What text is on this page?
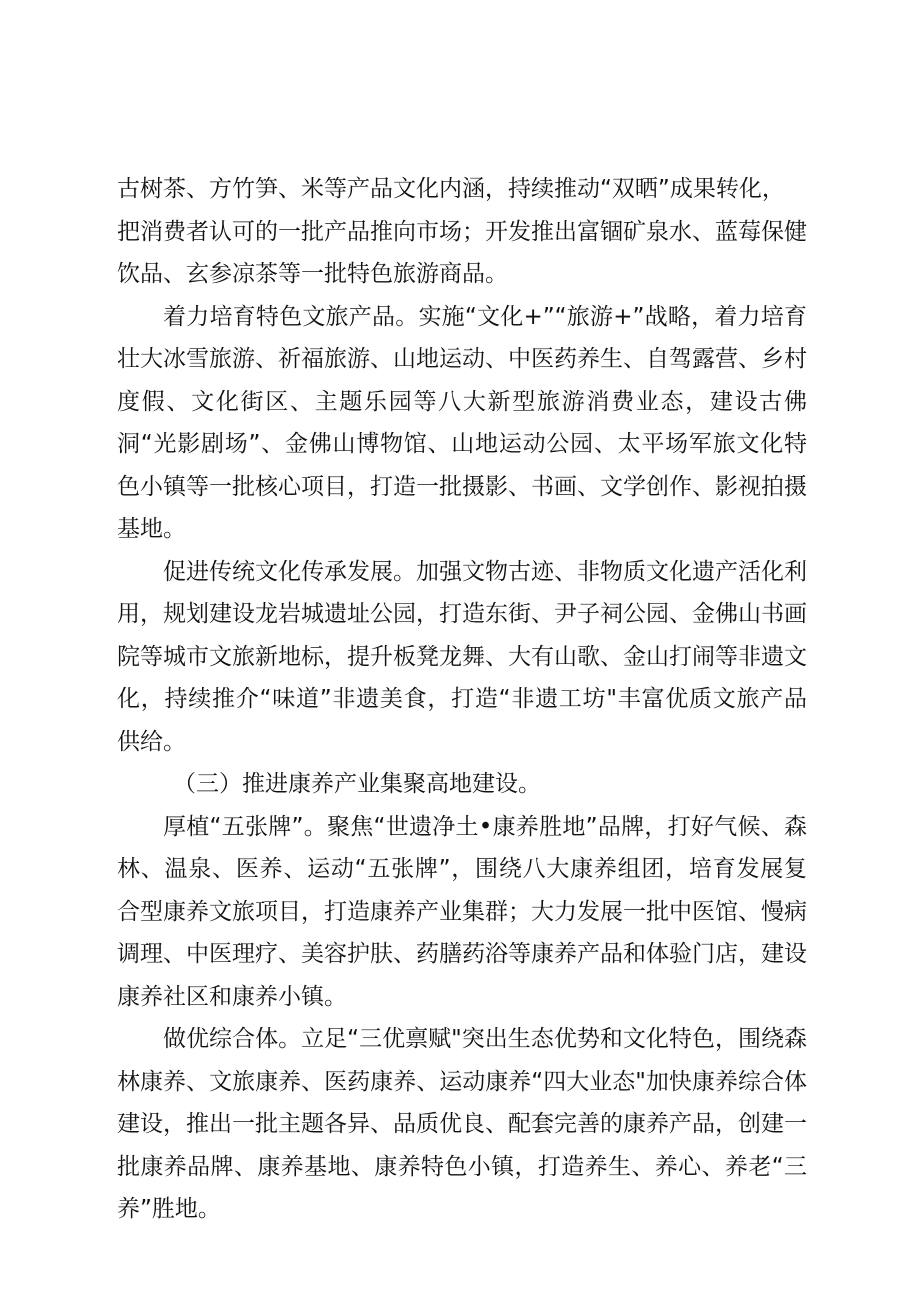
古树茶、方竹笋、米等产品文化内涵，持续推动“双晒”成果转化，把消费者认可的一批产品推向市场；开发推出富锢矿泉水、蓝莓保健饮品、玄参凉茶等一批特色旅游商品。

着力培育特色文旅产品。实施“文化+”“旅游+”战略，着力培育壮大冰雪旅游、祈福旅游、山地运动、中医药养生、自驾露营、乡村度假、文化街区、主题乐园等八大新型旅游消费业态，建设古佛洞“光影剧场”、金佛山博物馆、山地运动公园、太平场军旅文化特色小镇等一批核心项目，打造一批摄影、书画、文学创作、影视拍摄基地。

促进传统文化传承发展。加强文物古迹、非物质文化遗产活化利用，规划建设龙岩城遗址公园，打造东街、尹子祠公园、金佛山书画院等城市文旅新地标，提升板凳龙舞、大有山歌、金山打闹等非遗文化，持续推介“味道”非遗美食，打造“非遗工坊"丰富优质文旅产品供给。

（三）推进康养产业集聚高地建设。

厚植“五张牌”。聚焦“世遗净土•康养胜地”品牌，打好气候、森林、温泉、医养、运动“五张牌”，围绕八大康养组团，培育发展复合型康养文旅项目，打造康养产业集群；大力发展一批中医馆、慢病调理、中医理疗、美容护肤、药膳药浴等康养产品和体验门店，建设康养社区和康养小镇。

做优综合体。立足“三优禀赋"突出生态优势和文化特色，围绕森林康养、文旅康养、医药康养、运动康养“四大业态"加快康养综合体建设，推出一批主题各异、品质优良、配套完善的康养产品，创建一批康养品牌、康养基地、康养特色小镇，打造养生、养心、养老“三养”胜地。
